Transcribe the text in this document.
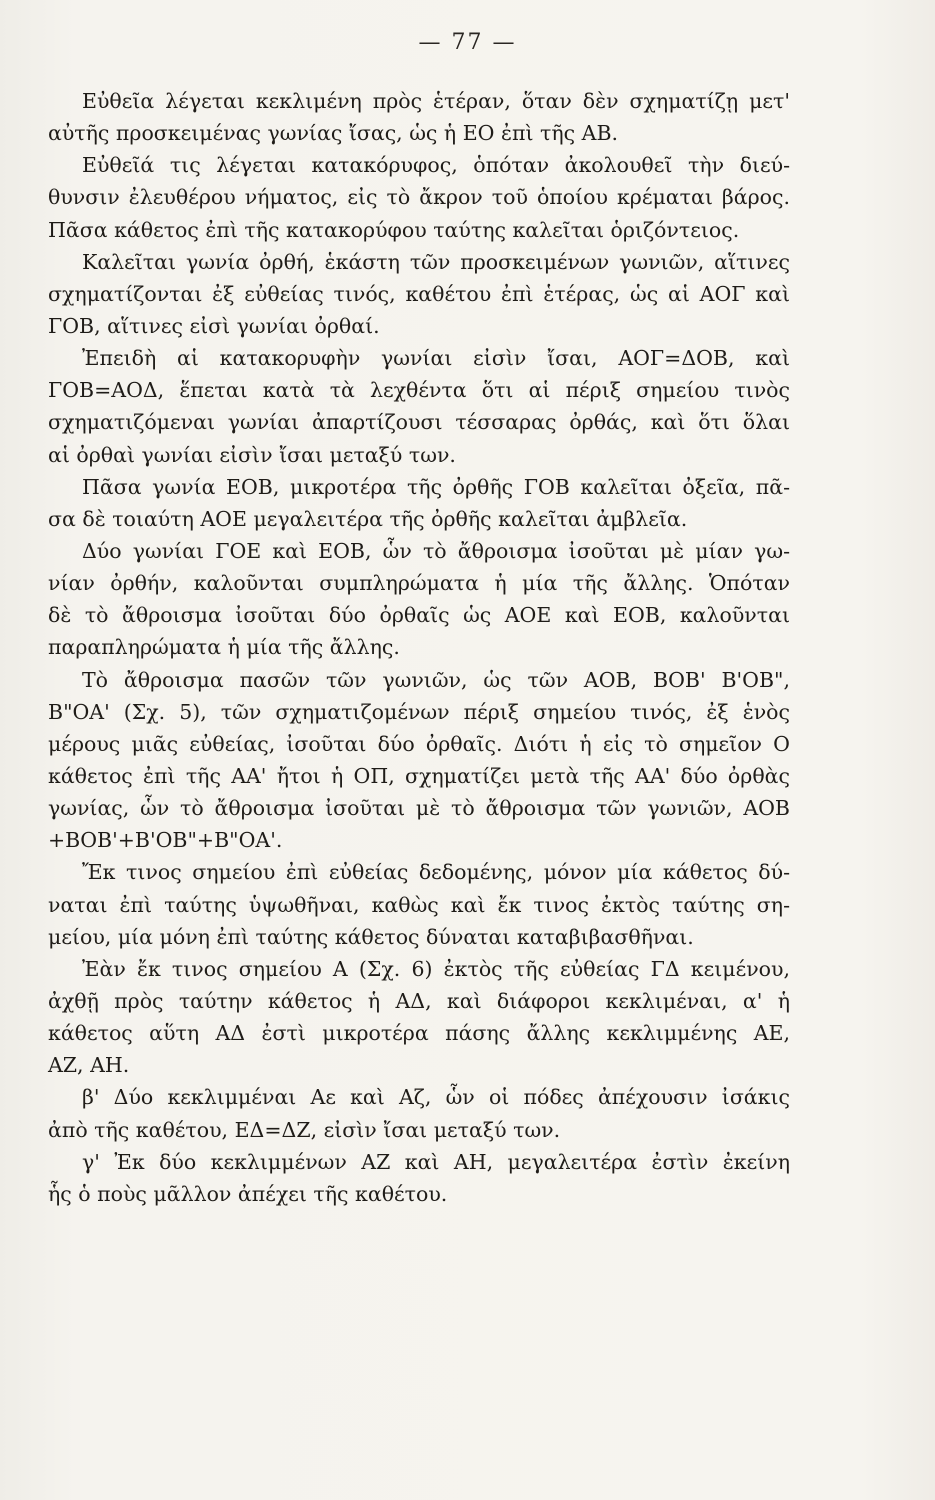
— 77 —
Εὐθεῖα λέγεται κεκλιμένη πρὸς ἑτέραν, ὅταν δὲν σχηματίζῃ μετ'
αὐτῆς προσκειμένας γωνίας ἴσας, ὡς ἡ ΕΟ ἐπὶ τῆς ΑΒ.
Εὐθεῖά τις λέγεται κατακόρυφος, ὁπόταν ἀκολουθεῖ τὴν διεύ-
θυνσιν ἐλευθέρου νήματος, εἰς τὸ ἄκρον τοῦ ὁποίου κρέμαται βάρος.
Πᾶσα κάθετος ἐπὶ τῆς κατακορύφου ταύτης καλεῖται ὁριζόντειος.
Καλεῖται γωνία ὀρθή, ἑκάστη τῶν προσκειμένων γωνιῶν, αἵτινες
σχηματίζονται ἐξ εὐθείας τινός, καθέτου ἐπὶ ἑτέρας, ὡς αἱ ΑΟΓ καὶ
ΓΟΒ, αἵτινες εἰσὶ γωνίαι ὀρθαί.
Ἐπειδὴ αἱ κατακορυφὴν γωνίαι εἰσὶν ἴσαι, ΑΟΓ=ΔΟΒ, καὶ
ΓΟΒ=ΑΟΔ, ἕπεται κατὰ τὰ λεχθέντα ὅτι αἱ πέριξ σημείου τινὸς
σχηματιζόμεναι γωνίαι ἀπαρτίζουσι τέσσαρας ὀρθάς, καὶ ὅτι ὅλαι
αἱ ὀρθαὶ γωνίαι εἰσὶν ἴσαι μεταξύ των.
Πᾶσα γωνία ΕΟΒ, μικροτέρα τῆς ὀρθῆς ΓΟΒ καλεῖται ὀξεῖα, πᾶ-
σα δὲ τοιαύτη ΑΟΕ μεγαλειτέρα τῆς ὀρθῆς καλεῖται ἀμβλεῖα.
Δύο γωνίαι ΓΟΕ καὶ ΕΟΒ, ὧν τὸ ἄθροισμα ἰσοῦται μὲ μίαν γω-
νίαν ὀρθήν, καλοῦνται συμπληρώματα ἡ μία τῆς ἄλλης. Ὁπόταν
δὲ τὸ ἄθροισμα ἰσοῦται δύο ὀρθαῖς ὡς ΑΟΕ καὶ ΕΟΒ, καλοῦνται
παραπληρώματα ἡ μία τῆς ἄλλης.
Τὸ ἄθροισμα πασῶν τῶν γωνιῶν, ὡς τῶν ΑΟΒ, ΒΟΒ' Β'ΟΒ",
Β"ΟΑ' (Σχ. 5), τῶν σχηματιζομένων πέριξ σημείου τινός, ἐξ ἑνὸς
μέρους μιᾶς εὐθείας, ἰσοῦται δύο ὀρθαῖς. Διότι ἡ εἰς τὸ σημεῖον Ο
κάθετος ἐπὶ τῆς ΑΑ' ἤτοι ἡ ΟΠ, σχηματίζει μετὰ τῆς ΑΑ' δύο ὀρθὰς
γωνίας, ὧν τὸ ἄθροισμα ἰσοῦται μὲ τὸ ἄθροισμα τῶν γωνιῶν, ΑΟΒ
+ΒΟΒ'+Β'ΟΒ"+Β"ΟΑ'.
Ἔκ τινος σημείου ἐπὶ εὐθείας δεδομένης, μόνον μία κάθετος δύ-
ναται ἐπὶ ταύτης ὑψωθῆναι, καθὼς καὶ ἔκ τινος ἐκτὸς ταύτης ση-
μείου, μία μόνη ἐπὶ ταύτης κάθετος δύναται καταβιβασθῆναι.
Ἐὰν ἔκ τινος σημείου Α (Σχ. 6) ἐκτὸς τῆς εὐθείας ΓΔ κειμένου,
ἀχθῇ πρὸς ταύτην κάθετος ἡ ΑΔ, καὶ διάφοροι κεκλιμέναι, α' ἡ
κάθετος αὕτη ΑΔ ἐστὶ μικροτέρα πάσης ἄλλης κεκλιμμένης ΑΕ,
ΑΖ, ΑΗ.
β' Δύο κεκλιμμέναι Αε καὶ Αζ, ὧν οἱ πόδες ἀπέχουσιν ἰσάκις
ἀπὸ τῆς καθέτου, ΕΔ=ΔΖ, εἰσὶν ἴσαι μεταξύ των.
γ' Ἐκ δύο κεκλιμμένων ΑΖ καὶ ΑΗ, μεγαλειτέρα ἐστὶν ἐκείνη
ἧς ὁ ποὺς μᾶλλον ἀπέχει τῆς καθέτου.
